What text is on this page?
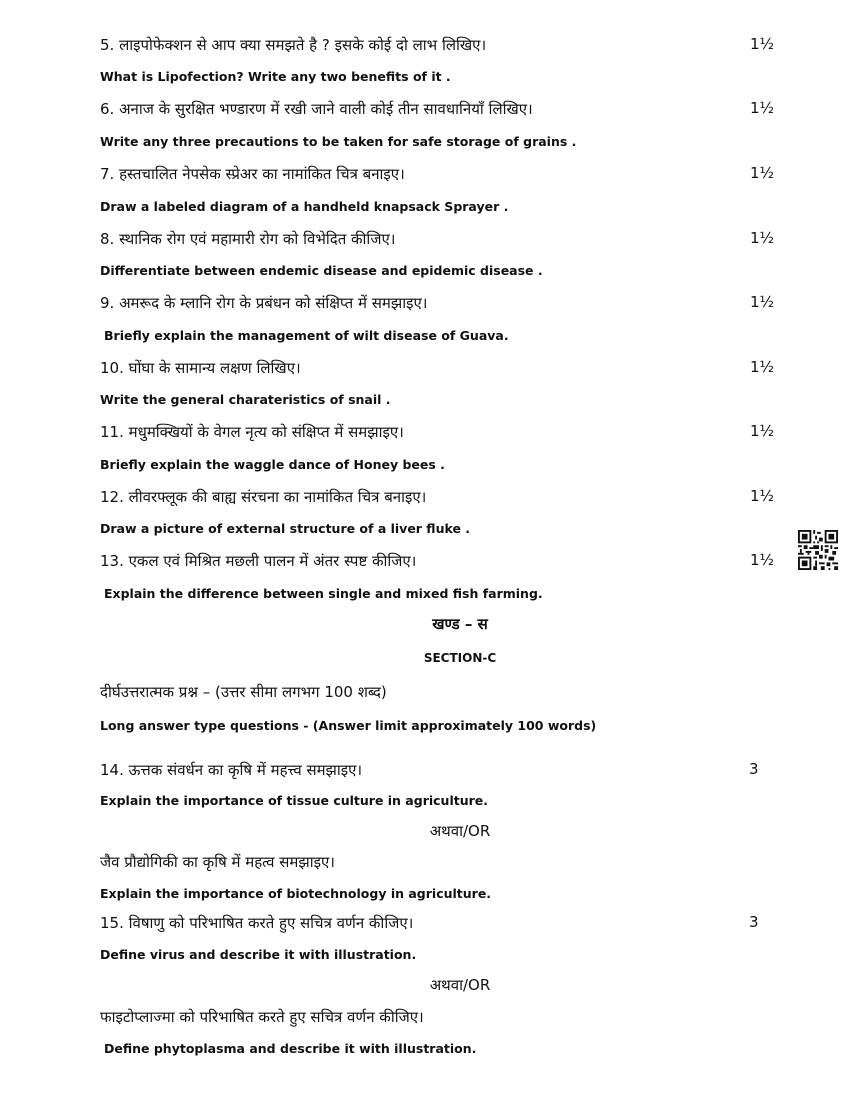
5. लाइपोफेक्शन से आप क्या समझते है ? इसके कोई दो लाभ लिखिए।	1½
What is Lipofection? Write any two benefits of it .
6. अनाज के सुरक्षित भण्डारण में रखी जाने वाली कोई तीन सावधानियाँ लिखिए।	1½
Write any three precautions to be taken for safe storage of grains .
7. हस्तचालित नेपसेक स्प्रेअर का नामांकित चित्र बनाइए।	1½
Draw a labeled diagram of a handheld knapsack Sprayer .
8. स्थानिक रोग एवं महामारी रोग को विभेदित कीजिए।	1½
Differentiate between endemic disease and epidemic disease .
9. अमरूद के म्लानि रोग के प्रबंधन को संक्षिप्त में समझाइए।	1½
Briefly explain the management of wilt disease of Guava.
10. घोंघा के सामान्य लक्षण लिखिए।	1½
Write the general charateristics of snail .
11. मधुमक्खियों के वेगल नृत्य को संक्षिप्त में समझाइए।	1½
Briefly explain the waggle dance of Honey bees .
12. लीवरफ्लूक की बाह्य संरचना का नामांकित चित्र बनाइए।	1½
Draw a picture of external structure of a liver fluke .
13. एकल एवं मिश्रित मछली पालन में अंतर स्पष्ट कीजिए।	1½
Explain the difference between single and mixed fish farming.
खण्ड – स
SECTION-C
दीर्घउत्तरात्मक प्रश्न – (उत्तर सीमा लगभग 100 शब्द)
Long answer type questions - (Answer limit approximately 100 words)
14. ऊत्तक संवर्धन का कृषि में महत्त्व समझाइए।	3
Explain the importance of tissue culture in agriculture.
अथवा/OR
जैव प्रौद्योगिकी का कृषि में महत्व समझाइए।
Explain the importance of biotechnology in agriculture.
15. विषाणु को परिभाषित करते हुए सचित्र वर्णन कीजिए।	3
Define virus and describe it with illustration.
अथवा/OR
फाइटोप्लाज्मा को परिभाषित करते हुए सचित्र वर्णन कीजिए।
Define phytoplasma and describe it with illustration.
